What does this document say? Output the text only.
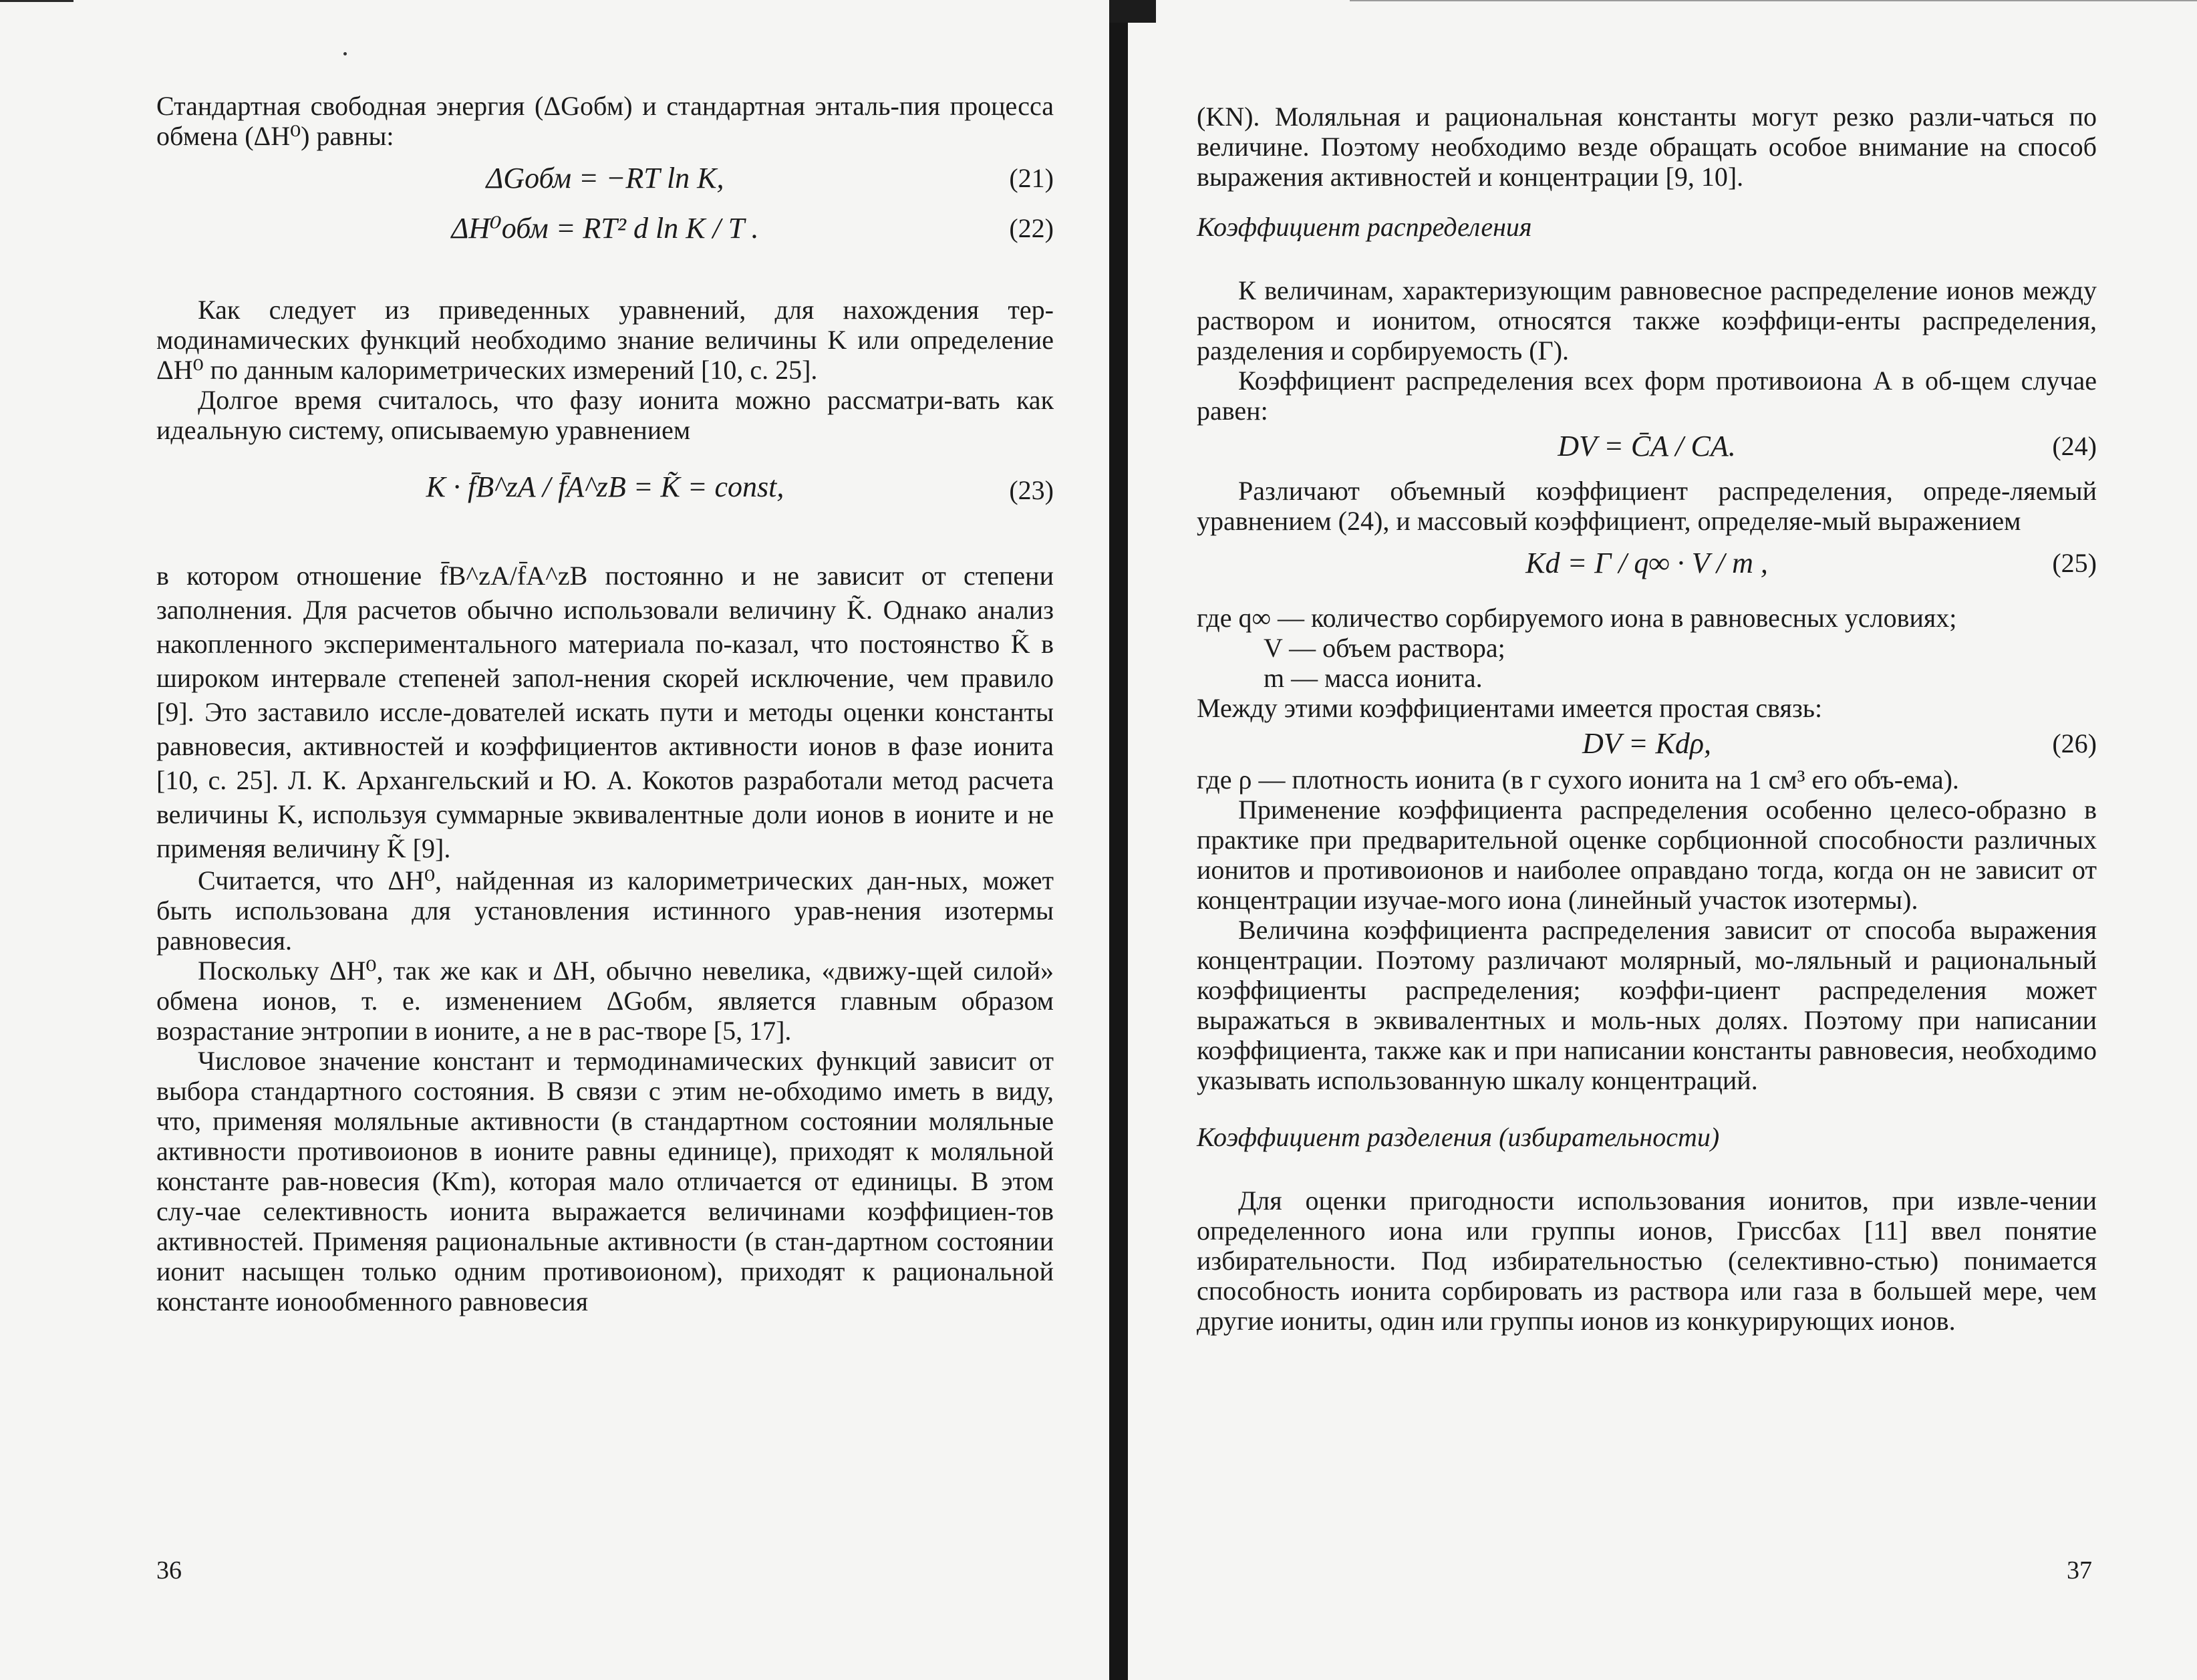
Стандартная свободная энергия (ΔGобм) и стандартная энталь-пия процесса обмена (ΔH⁰) равны:

ΔGобм = −RT ln K,	(21)
ΔH⁰обм = RT² d ln K / T .	(22)

Как следует из приведенных уравнений, для нахождения тер-модинамических функций необходимо знание величины K или определение ΔH⁰ по данным калориметрических измерений [10, с. 25].

Долгое время считалось, что фазу ионита можно рассматри-вать как идеальную систему, описываемую уравнением

K · f̄B^zA / f̄A^zB = K̃ = const,	(23)

в котором отношение f̄B^zA/f̄A^zB постоянно и не зависит от степени заполнения. Для расчетов обычно использовали величину K̃. Однако анализ накопленного экспериментального материала по-казал, что постоянство K̃ в широком интервале степеней запол-нения скорей исключение, чем правило [9]. Это заставило иссле-дователей искать пути и методы оценки константы равновесия, активностей и коэффициентов активности ионов в фазе ионита [10, с. 25]. Л. К. Архангельский и Ю. А. Кокотов разработали метод расчета величины K, используя суммарные эквивалентные доли ионов в ионите и не применяя величину K̃ [9].

Считается, что ΔH⁰, найденная из калориметрических дан-ных, может быть использована для установления истинного урав-нения изотермы равновесия.

Поскольку ΔH⁰, так же как и ΔH, обычно невелика, «движу-щей силой» обмена ионов, т. е. изменением ΔGобм, является главным образом возрастание энтропии в ионите, а не в рас-творе [5, 17].

Числовое значение констант и термодинамических функций зависит от выбора стандартного состояния. В связи с этим не-обходимо иметь в виду, что, применяя моляльные активности (в стандартном состоянии моляльные активности противоионов в ионите равны единице), приходят к моляльной константе рав-новесия (Km), которая мало отличается от единицы. В этом слу-чае селективность ионита выражается величинами коэффициен-тов активностей. Применяя рациональные активности (в стан-дартном состоянии ионит насыщен только одним противоионом), приходят к рациональной константе ионообменного равновесия

36

(KN). Моляльная и рациональная константы могут резко разли-чаться по величине. Поэтому необходимо везде обращать особое внимание на способ выражения активностей и концентрации [9, 10].

Коэффициент распределения

К величинам, характеризующим равновесное распределение ионов между раствором и ионитом, относятся также коэффици-енты распределения, разделения и сорбируемость (Г).

Коэффициент распределения всех форм противоиона A в об-щем случае равен:

DV = C̄A / CA.	(24)

Различают объемный коэффициент распределения, опреде-ляемый уравнением (24), и массовый коэффициент, определяе-мый выражением

Kd = Г / q∞ · V / m ,	(25)

где q∞ — количество сорбируемого иона в равновесных условиях;

V — объем раствора;

m — масса ионита.

Между этими коэффициентами имеется простая связь:

DV = Kdρ,	(26)

где ρ — плотность ионита (в г сухого ионита на 1 см³ его объ-ема).

Применение коэффициента распределения особенно целесо-образно в практике при предварительной оценке сорбционной способности различных ионитов и противоионов и наиболее оправдано тогда, когда он не зависит от концентрации изучае-мого иона (линейный участок изотермы).

Величина коэффициента распределения зависит от способа выражения концентрации. Поэтому различают молярный, мо-ляльный и рациональный коэффициенты распределения; коэффи-циент распределения может выражаться в эквивалентных и моль-ных долях. Поэтому при написании коэффициента, также как и при написании константы равновесия, необходимо указывать использованную шкалу концентраций.

Коэффициент разделения (избирательности)

Для оценки пригодности использования ионитов, при извле-чении определенного иона или группы ионов, Гриссбах [11] ввел понятие избирательности. Под избирательностью (селективно-стью) понимается способность ионита сорбировать из раствора или газа в большей мере, чем другие иониты, один или группы ионов из конкурирующих ионов.

37
